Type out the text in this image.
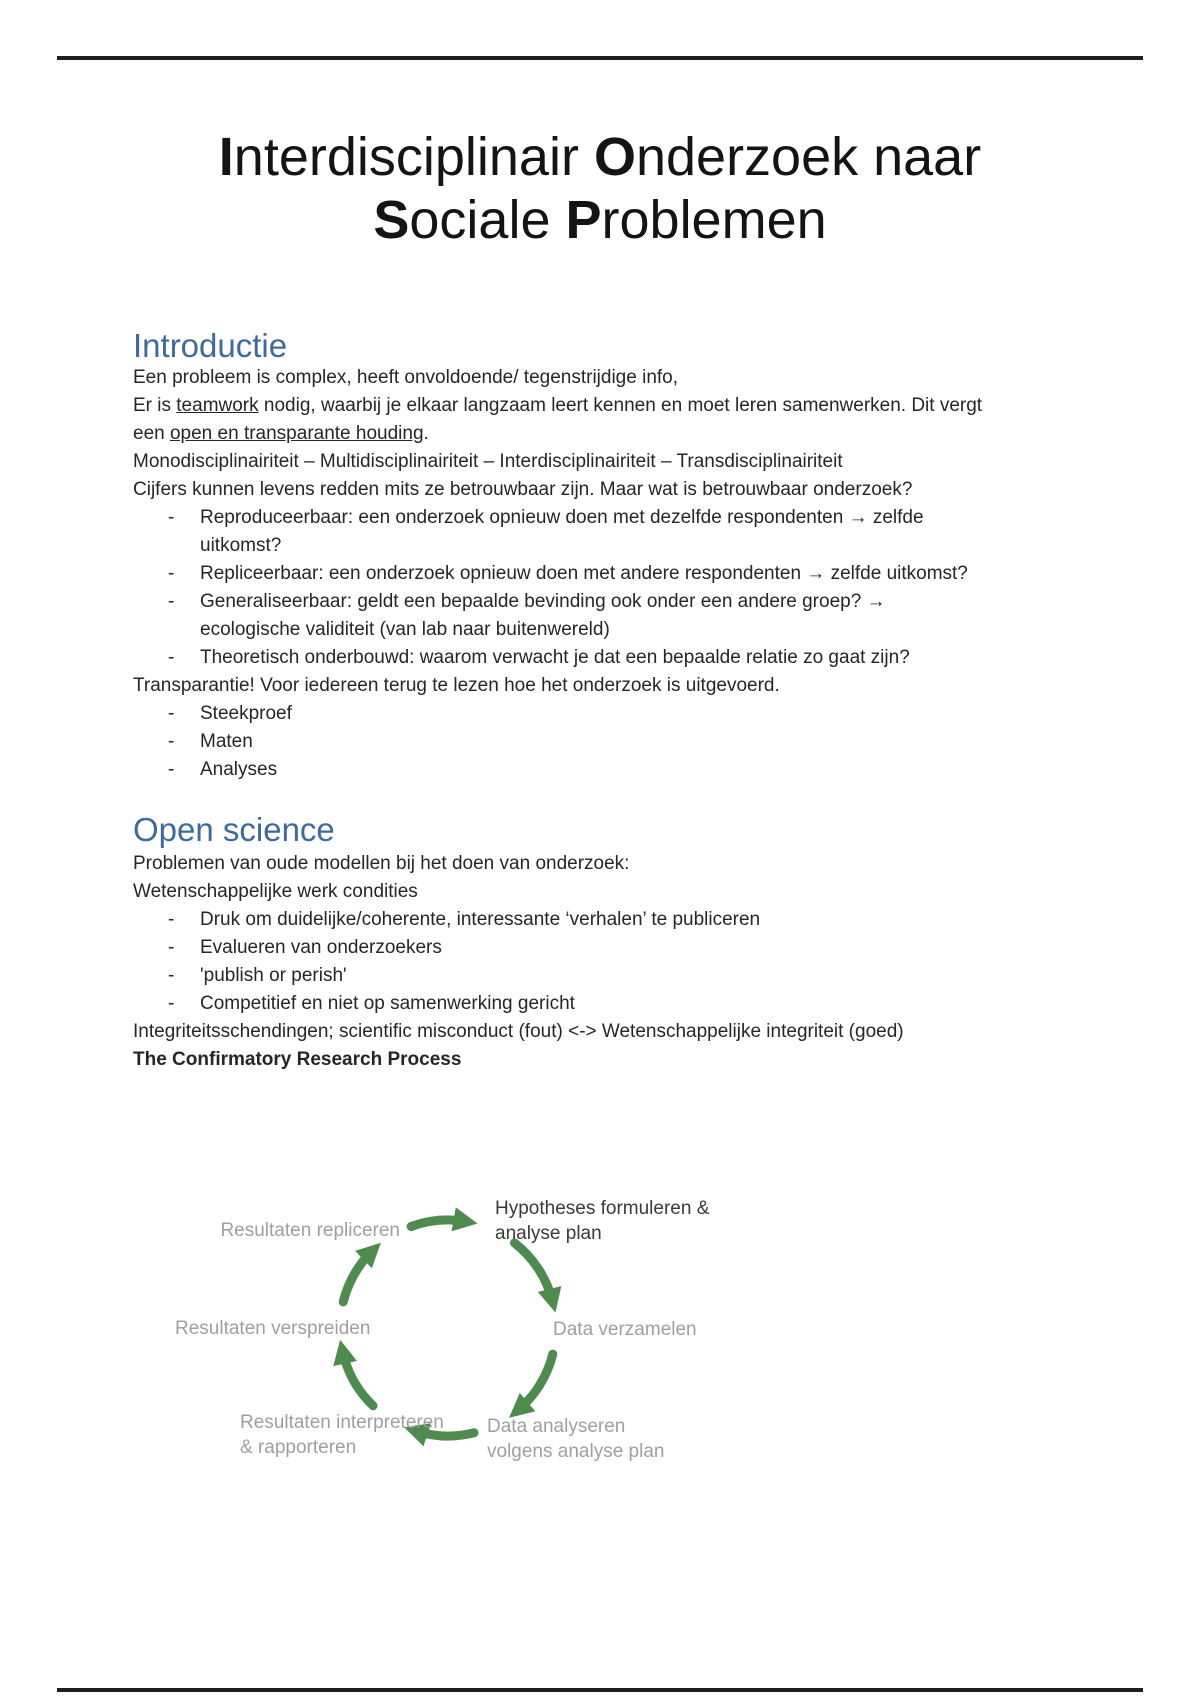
Interdisciplinair Onderzoek naar
Sociale Problemen
Introductie

Een probleem is complex, heeft onvoldoende/ tegenstrijdige info,

Er is teamwork nodig, waarbij je elkaar langzaam leert kennen en moet leren samenwerken. Dit vergt
een open en transparante houding.

Monodisciplinairiteit – Multidisciplinairiteit – Interdisciplinairiteit – Transdisciplinairiteit

Cijfers kunnen levens redden mits ze betrouwbaar zijn. Maar wat is betrouwbaar onderzoek?

- Reproduceerbaar: een onderzoek opnieuw doen met dezelfde respondenten → zelfde
uitkomst?
- Repliceerbaar: een onderzoek opnieuw doen met andere respondenten → zelfde uitkomst?
- Generaliseerbaar: geldt een bepaalde bevinding ook onder een andere groep? →
ecologische validiteit (van lab naar buitenwereld)
- Theoretisch onderbouwd: waarom verwacht je dat een bepaalde relatie zo gaat zijn?

Transparantie! Voor iedereen terug te lezen hoe het onderzoek is uitgevoerd.

- Steekproef
- Maten
- Analyses
Open science

Problemen van oude modellen bij het doen van onderzoek:

Wetenschappelijke werk condities

- Druk om duidelijke/coherente, interessante ‘verhalen’ te publiceren
- Evalueren van onderzoekers
- 'publish or perish'
- Competitief en niet op samenwerking gericht

Integriteitsschendingen; scientific misconduct (fout) <-> Wetenschappelijke integriteit (goed)

The Confirmatory Research Process

Resultaten repliceren
Hypotheses formuleren &
analyse plan
Resultaten verspreiden	Data verzamelen
Resultaten interpreteren
& rapporteren
Data analyseren
volgens analyse plan
